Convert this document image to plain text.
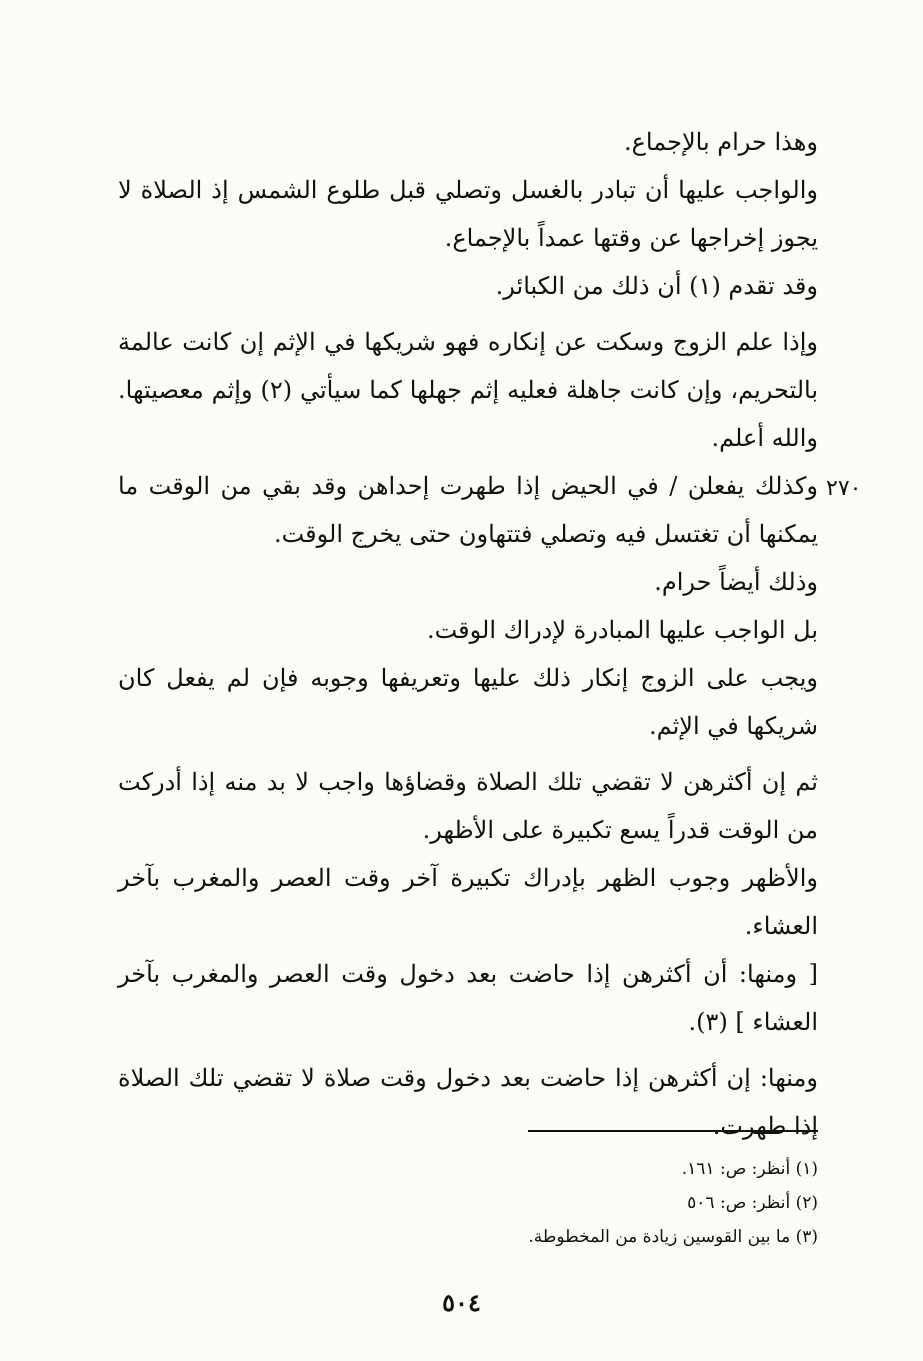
وهذا حرام بالإجماع.

والواجب عليها أن تبادر بالغسل وتصلي قبل طلوع الشمس إذ الصلاة لا يجوز إخراجها عن وقتها عمداً بالإجماع.

وقد تقدم (١) أن ذلك من الكبائر.

وإذا علم الزوج وسكت عن إنكاره فهو شريكها في الإثم إن كانت عالمة بالتحريم، وإن كانت جاهلة فعليه إثم جهلها كما سيأتي (٢) وإثم معصيتها. والله أعلم.

وكذلك يفعلن / في الحيض إذا طهرت إحداهن وقد بقي من الوقت ما يمكنها أن تغتسل فيه وتصلي فتتهاون حتى يخرج الوقت.

وذلك أيضاً حرام.

بل الواجب عليها المبادرة لإدراك الوقت.

ويجب على الزوج إنكار ذلك عليها وتعريفها وجوبه فإن لم يفعل كان شريكها في الإثم.

ثم إن أكثرهن لا تقضي تلك الصلاة وقضاؤها واجب لا بد منه إذا أدركت من الوقت قدراً يسع تكبيرة على الأظهر.

والأظهر وجوب الظهر بإدراك تكبيرة آخر وقت العصر والمغرب بآخر العشاء.

[ ومنها: أن أكثرهن إذا حاضت بعد دخول وقت العصر والمغرب بآخر العشاء ] (٣).

ومنها: إن أكثرهن إذا حاضت بعد دخول وقت صلاة لا تقضي تلك الصلاة إذا طهرت.

٢٧٠

(١) أنظر: ص: ١٦١.

(٢) أنظر: ص: ٥٠٦

(٣) ما بين القوسين زيادة من المخطوطة.

٥٠٤
